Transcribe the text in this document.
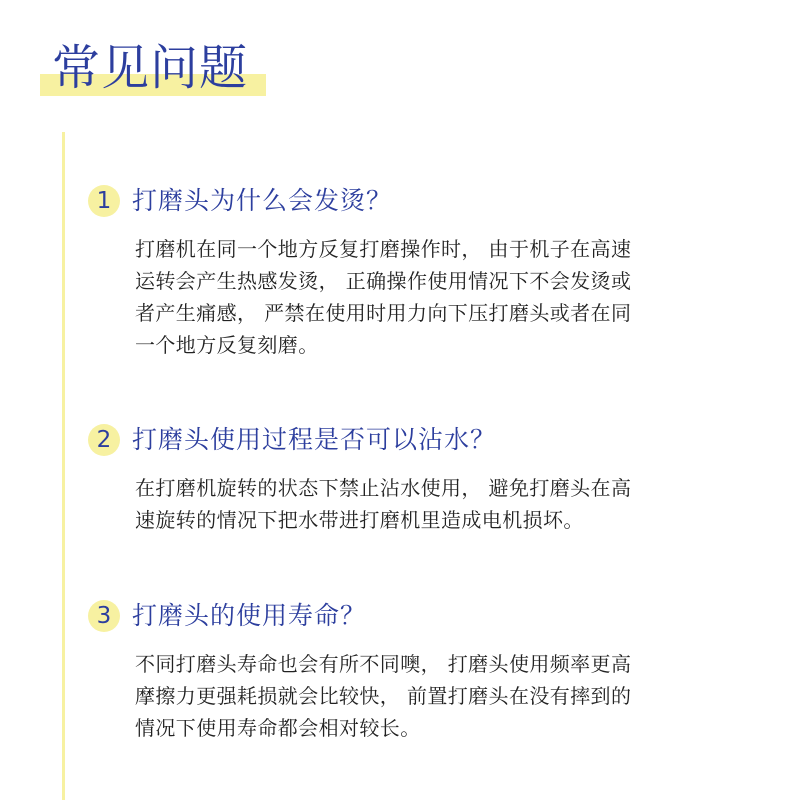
常见问题
1 打磨头为什么会发烫？
打磨机在同一个地方反复打磨操作时， 由于机子在高速
运转会产生热感发烫， 正确操作使用情况下不会发烫或
者产生痛感， 严禁在使用时用力向下压打磨头或者在同
一个地方反复刻磨。
2 打磨头使用过程是否可以沾水？
在打磨机旋转的状态下禁止沾水使用， 避免打磨头在高
速旋转的情况下把水带进打磨机里造成电机损坏。
3 打磨头的使用寿命？
不同打磨头寿命也会有所不同噢， 打磨头使用频率更高
摩擦力更强耗损就会比较快， 前置打磨头在没有摔到的
情况下使用寿命都会相对较长。
